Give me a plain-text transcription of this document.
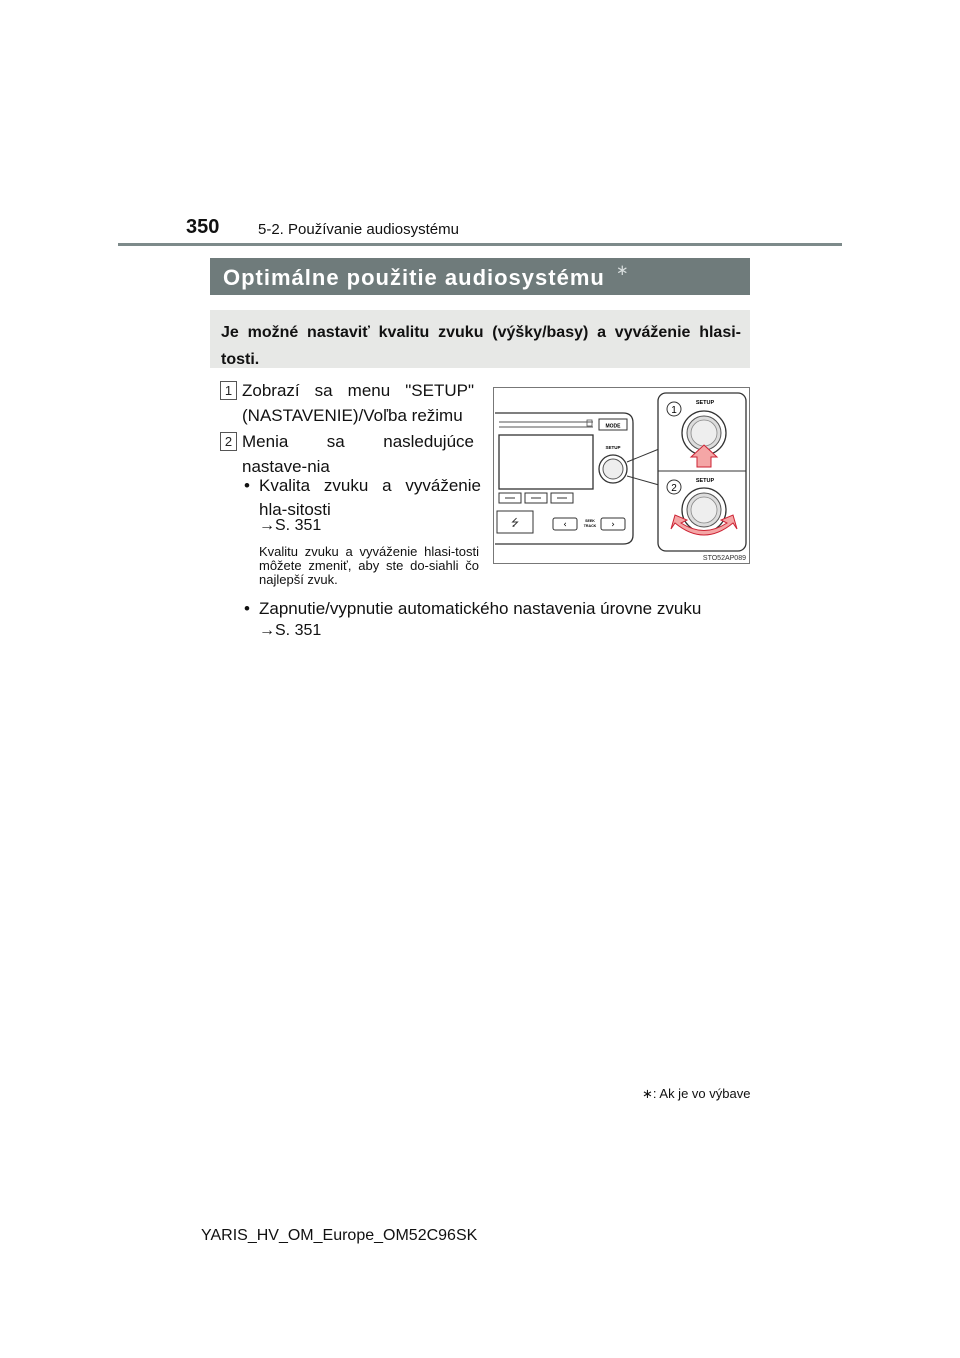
350	5-2. Používanie audiosystému
Optimálne použitie audiosystému ∗
Je možné nastaviť kvalitu zvuku (výšky/basy) a vyváženie hlasi-tosti.
1 Zobrazí sa menu "SETUP" (NASTAVENIE)/Voľba režimu
2 Menia sa nasledujúce nastave-nia
• Kvalita zvuku a vyváženie hla-sitosti
→S. 351
Kvalitu zvuku a vyváženie hlasi-tosti môžete zmeniť, aby ste do-siahli čo najlepší zvuk.
• Zapnutie/vypnutie automatického nastavenia úrovne zvuku
→S. 351
MODE
SETUP
⭍	‹	SEEK
TRACK ›
1
SETUP
2
SETUP
STO52AP089
∗: Ak je vo výbave
YARIS_HV_OM_Europe_OM52C96SK
